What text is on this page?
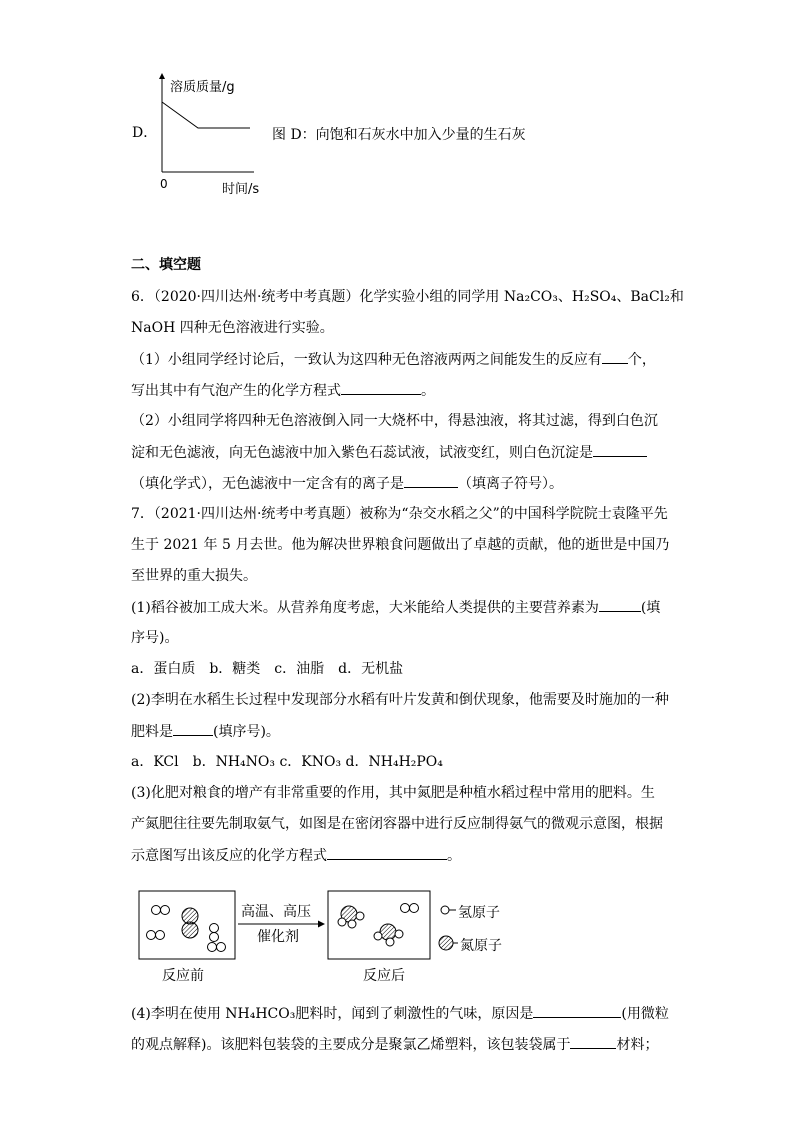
D．
溶质质量/g
0	时间/s
图 D：向饱和石灰水中加入少量的生石灰
二、填空题
6．（2020·四川达州·统考中考真题）化学实验小组的同学用 Na₂CO₃、H₂SO₄、BaCl₂和
NaOH 四种无色溶液进行实验。
（1）小组同学经讨论后，一致认为这四种无色溶液两两之间能发生的反应有 个，
写出其中有气泡产生的化学方程式	。
（2）小组同学将四种无色溶液倒入同一大烧杯中，得悬浊液，将其过滤，得到白色沉
淀和无色滤液，向无色滤液中加入紫色石蕊试液，试液变红，则白色沉淀是
（填化学式），无色滤液中一定含有的离子是	（填离子符号）。
7．（2021·四川达州·统考中考真题）被称为“杂交水稻之父”的中国科学院院士袁隆平先
生于 2021 年 5 月去世。他为解决世界粮食问题做出了卓越的贡献，他的逝世是中国乃
至世界的重大损失。
(1)稻谷被加工成大米。从营养角度考虑，大米能给人类提供的主要营养素为	(填
序号)。
a．蛋白质　b．糖类　c．油脂　d．无机盐
(2)李明在水稻生长过程中发现部分水稻有叶片发黄和倒伏现象，他需要及时施加的一种
肥料是	(填序号)。
a．KCl　b．NH₄NO₃ c．KNO₃ d．NH₄H₂PO₄
(3)化肥对粮食的增产有非常重要的作用，其中氮肥是种植水稻过程中常用的肥料。生
产氮肥往往要先制取氨气，如图是在密闭容器中进行反应制得氨气的微观示意图，根据
示意图写出该反应的化学方程式	。
高温、高压
催化剂
反应前	反应后
氢原子
氮原子
(4)李明在使用 NH₄HCO₃肥料时，闻到了刺激性的气味，原因是	(用微粒
的观点解释)。该肥料包装袋的主要成分是聚氯乙烯塑料，该包装袋属于	材料；
